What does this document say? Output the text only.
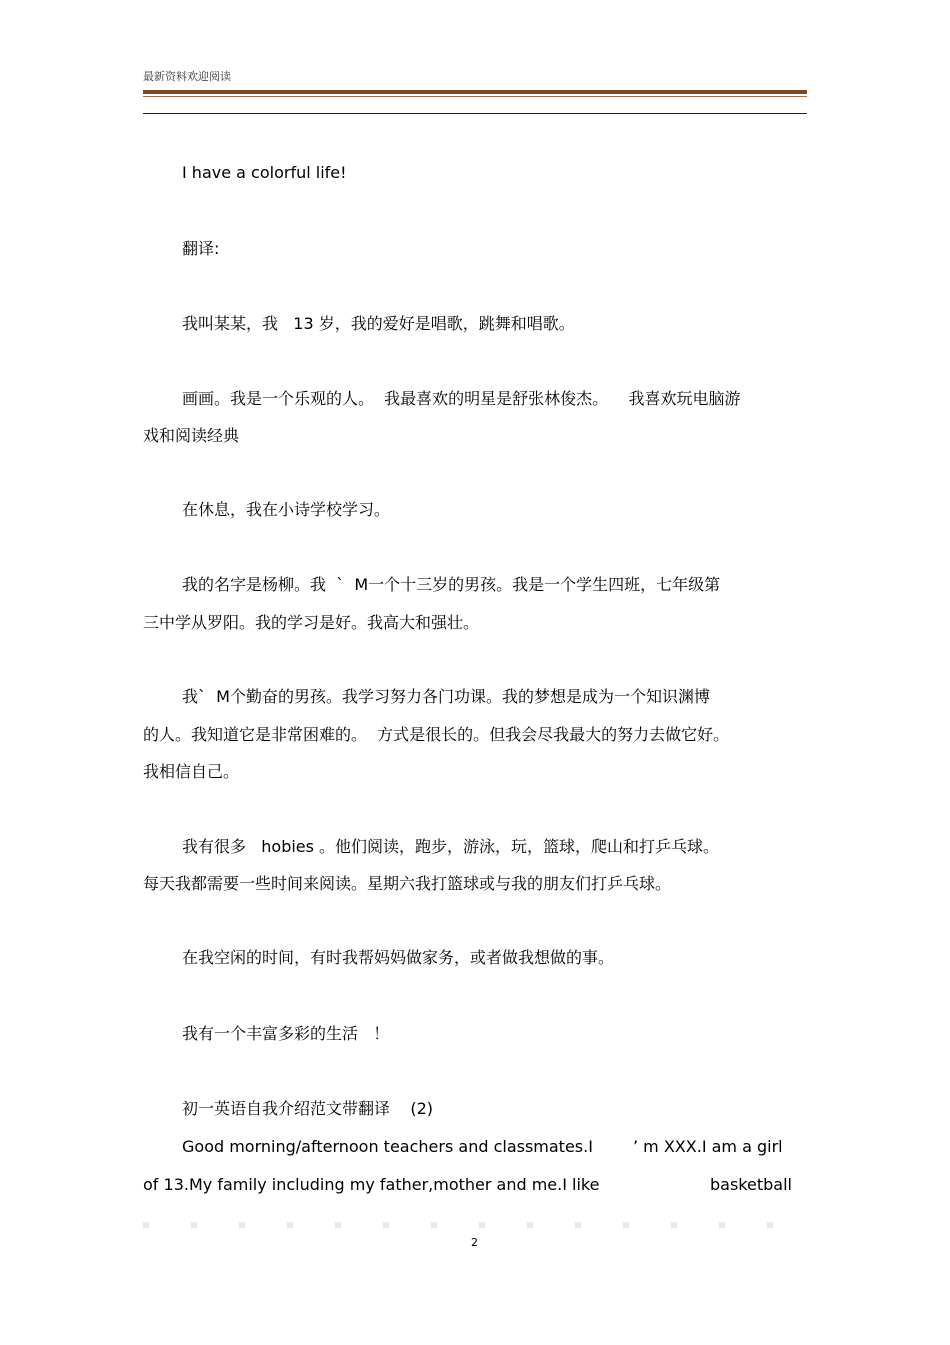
最新资料欢迎阅读
I have a colorful life!
翻译:
我叫某某，我   13 岁，我的爱好是唱歌，跳舞和唱歌。
画画。我是一个乐观的人。  我最喜欢的明星是舒张林俊杰。    我喜欢玩电脑游
戏和阅读经典
在休息，我在小诗学校学习。
我的名字是杨柳。我  `  M一个十三岁的男孩。我是一个学生四班，七年级第
三中学从罗阳。我的学习是好。我高大和强壮。
我`  M个勤奋的男孩。我学习努力各门功课。我的梦想是成为一个知识渊博
的人。我知道它是非常困难的。  方式是很长的。但我会尽我最大的努力去做它好。
我相信自己。
我有很多   hobies 。他们阅读，跑步，游泳，玩，篮球，爬山和打乒乓球。
每天我都需要一些时间来阅读。星期六我打篮球或与我的朋友们打乒乓球。
在我空闲的时间，有时我帮妈妈做家务，或者做我想做的事。
我有一个丰富多彩的生活   ！
初一英语自我介绍范文带翻译    (2)
Good morning/afternoon teachers and classmates.I	’ m XXX.I am a girl
of 13.My family including my father,mother and me.I like	basketball
2
